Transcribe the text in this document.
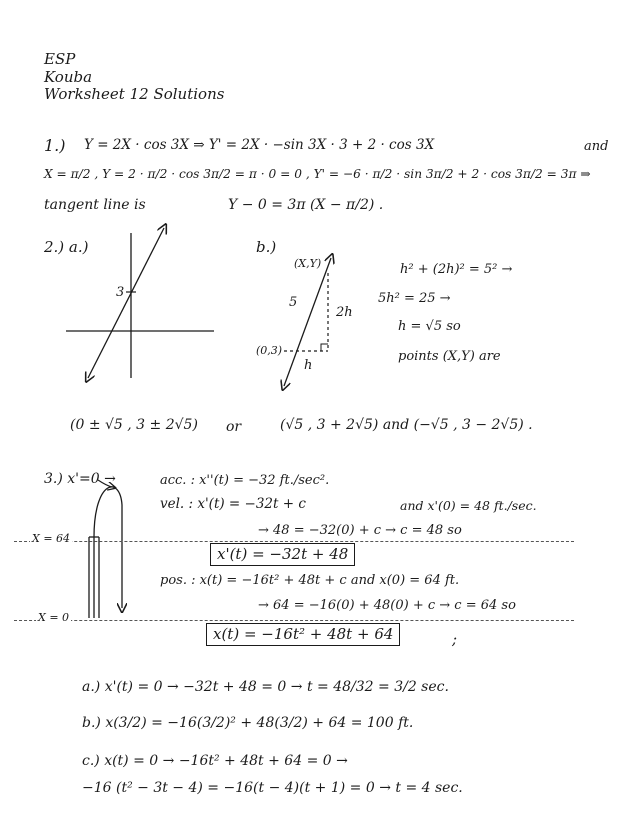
ESP
Kouba
Worksheet 12 Solutions
1.) Y = 2X · cos 3X ⇒ Y' = 2X · −sin 3X · 3 + 2 · cos 3X	and
X = π/2 , Y = 2 · π/2 · cos 3π/2 = π · 0 = 0 , Y' = −6 · π/2 · sin 3π/2 + 2 · cos 3π/2 = 3π ⇒
tangent line is	Y − 0 = 3π (X − π/2) .
2.) a.)
3
b.)
(X,Y)
(0,3)
5
2h
h
h² + (2h)² = 5² →
5h² = 25 →
h = √5 so
points (X,Y) are
(0 ± √5 , 3 ± 2√5) or	(√5 , 3 + 2√5) and (−√5 , 3 − 2√5) .
3.) x'=0 →
X = 64
X = 0
acc. : x''(t) = −32 ft./sec².
vel. : x'(t) = −32t + c	and x'(0) = 48 ft./sec.
→ 48 = −32(0) + c → c = 48 so
x'(t) = −32t + 48
pos. : x(t) = −16t² + 48t + c and x(0) = 64 ft.
→ 64 = −16(0) + 48(0) + c → c = 64 so
x(t) = −16t² + 48t + 64	;
a.) x'(t) = 0 → −32t + 48 = 0 → t = 48/32 = 3/2 sec.
b.) x(3/2) = −16(3/2)² + 48(3/2) + 64 = 100 ft.
c.) x(t) = 0 → −16t² + 48t + 64 = 0 →
−16 (t² − 3t − 4) = −16(t − 4)(t + 1) = 0 → t = 4 sec.
